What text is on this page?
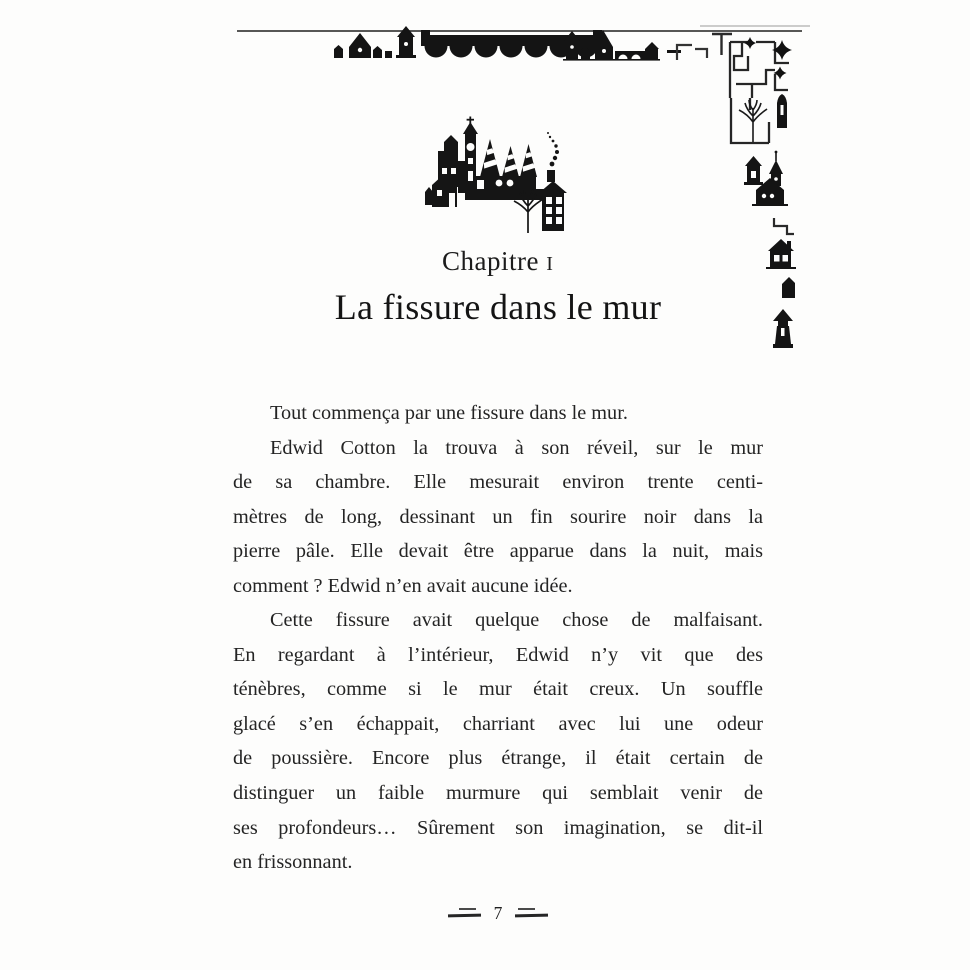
Chapitre I
La fissure dans le mur
Tout commença par une fissure dans le mur.
Edwid Cotton la trouva à son réveil, sur le mur
de sa chambre. Elle mesurait environ trente centi-
mètres de long, dessinant un fin sourire noir dans la
pierre pâle. Elle devait être apparue dans la nuit, mais
comment ? Edwid n’en avait aucune idée.
Cette fissure avait quelque chose de malfaisant.
En regardant à l’intérieur, Edwid n’y vit que des
ténèbres, comme si le mur était creux. Un souffle
glacé s’en échappait, charriant avec lui une odeur
de poussière. Encore plus étrange, il était certain de
distinguer un faible murmure qui semblait venir de
ses profondeurs… Sûrement son imagination, se dit-il
en frissonnant.
7
